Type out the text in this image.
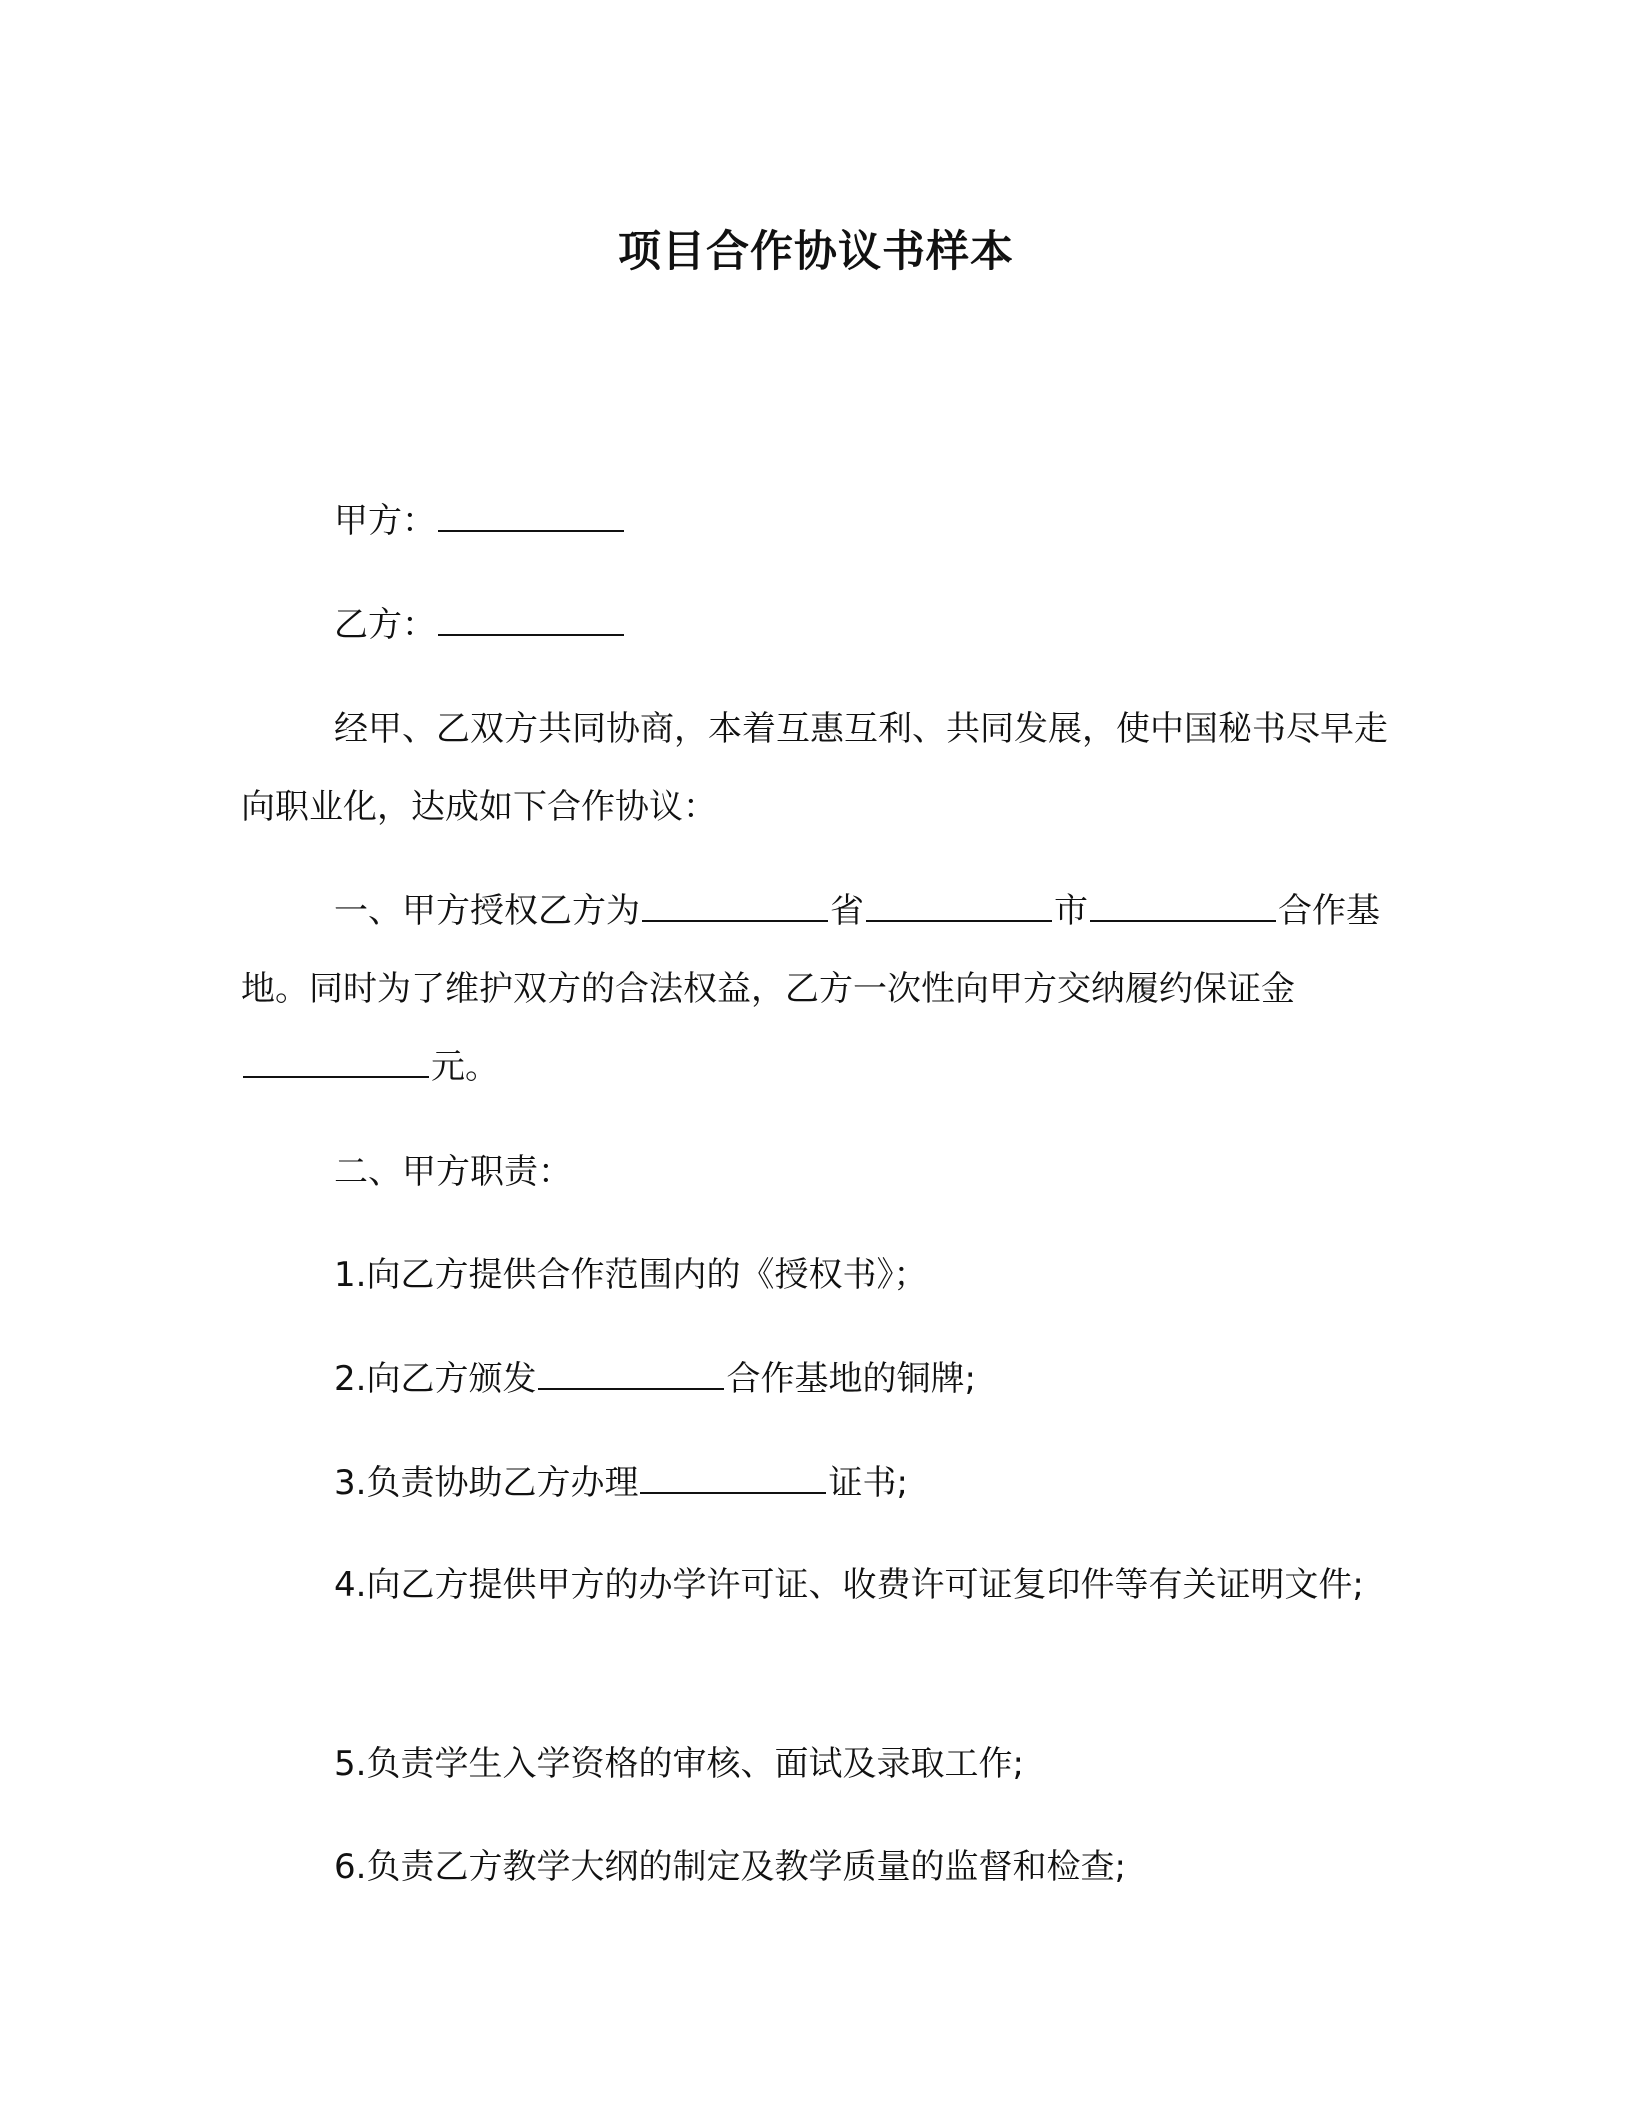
项目合作协议书样本
甲方：
乙方：
经甲、乙双方共同协商，本着互惠互利、共同发展，使中国秘书尽早走向职业化，达成如下合作协议：
一、甲方授权乙方为	省	市	合作基地。同时为了维护双方的合法权益，乙方一次性向甲方交纳履约保证金元。
二、甲方职责：
1.向乙方提供合作范围内的《授权书》；
2.向乙方颁发	合作基地的铜牌;
3.负责协助乙方办理	证书;
4.向乙方提供甲方的办学许可证、收费许可证复印件等有关证明文件;
5.负责学生入学资格的审核、面试及录取工作;
6.负责乙方教学大纲的制定及教学质量的监督和检查;
